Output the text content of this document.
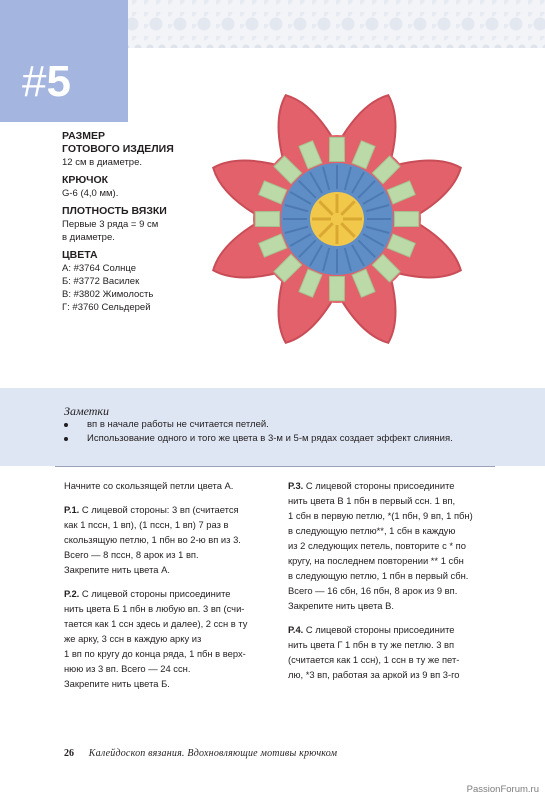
#5
РАЗМЕР
ГОТОВОГО ИЗДЕЛИЯ
12 см в диаметре.
КРЮЧОК
G-6 (4,0 мм).
ПЛОТНОСТЬ ВЯЗКИ
Первые 3 ряда = 9 см
в диаметре.
ЦВЕТА
А: #3764 Солнце
Б: #3772 Василек
В: #3802 Жимолость
Г: #3760 Сельдерей

Заметки

вп в начале работы не считается петлей.
Использование одного и того же цвета в 3-м и 5-м рядах создает эффект слияния.

Начните со скользящей петли цвета А.

Р.1. С лицевой стороны: 3 вп (считается
как 1 пссн, 1 вп), (1 пссн, 1 вп) 7 раз в
скользящую петлю, 1 пбн во 2-ю вп из 3.
Всего — 8 пссн, 8 арок из 1 вп.
Закрепите нить цвета А.

Р.2. С лицевой стороны присоедините
нить цвета Б 1 пбн в любую вп. 3 вп (счи-
тается как 1 ссн здесь и далее), 2 ссн в ту
же арку, 3 ссн в каждую арку из
1 вп по кругу до конца ряда, 1 пбн в верх-
нюю из 3 вп. Всего — 24 ссн.
Закрепите нить цвета Б.

Р.3. С лицевой стороны присоедините
нить цвета В 1 пбн в первый ссн. 1 вп,
1 сбн в первую петлю, *(1 пбн, 9 вп, 1 пбн)
в следующую петлю**, 1 сбн в каждую
из 2 следующих петель, повторите с * по
кругу, на последнем повторении ** 1 сбн
в следующую петлю, 1 пбн в первый сбн.
Всего — 16 сбн, 16 пбн, 8 арок из 9 вп.
Закрепите нить цвета В.

Р.4. С лицевой стороны присоедините
нить цвета Г 1 пбн в ту же петлю. 3 вп
(считается как 1 ссн), 1 ссн в ту же пет-
лю, *3 вп, работая за аркой из 9 вп 3-го

26 Калейдоскоп вязания. Вдохновляющие мотивы крючком
PassionForum.ru
